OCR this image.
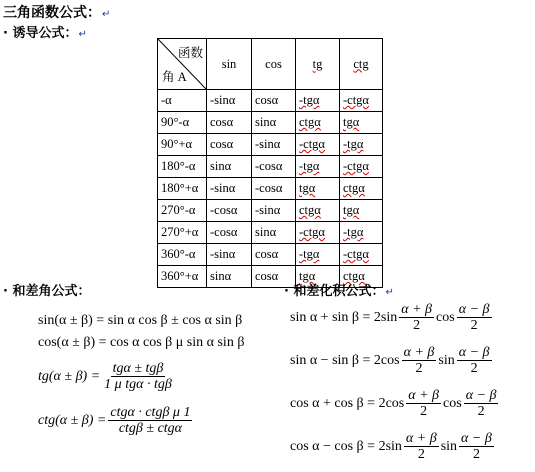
三角函数公式：↵
· 诱导公式：↵
函数
角 A	sin	cos	tg	ctg
-α	-sinα	cosα	-tgα	-ctgα
90°-α	cosα	sinα	ctgα	tgα
90°+α	cosα	-sinα	-ctgα	-tgα
180°-α	sinα	-cosα	-tgα	-ctgα
180°+α	-sinα	-cosα	tgα	ctgα
270°-α	-cosα	-sinα	ctgα	tgα
270°+α	-cosα	sinα	-ctgα	-tgα
360°-α	-sinα	cosα	-tgα	-ctgα
360°+α	sinα	cosα	tgα	ctgα
· 和差角公式：
sin(α ± β) = sin α cos β ± cos α sin β
cos(α ± β) = cos α cos β μ sin α sin β
$tg(\alpha \pm \beta) = \frac{\text{tgα ± tgβ}}{\text{1 μ tgα · tgβ}}$
$ctg(\alpha \pm \beta) = \frac{\text{ctgα · ctgβ μ 1}}{\text{ctgβ ± ctgα}}$
· 和差化积公式：↵
$\sin \alpha + \sin \beta = 2\sin \frac{\alpha + \beta}{2}$ $\cos \frac{\alpha - \beta}{2}$
$\sin \alpha - \sin \beta = 2\cos \frac{\alpha + \beta}{2}$ $\sin \frac{\alpha - \beta}{2}$
$\cos \alpha + \cos \beta = 2\cos \frac{\alpha + \beta}{2}$ $\cos \frac{\alpha - \beta}{2}$
$\cos \alpha - \cos \beta = 2\sin \frac{\alpha + \beta}{2}$ $\sin \frac{\alpha - \beta}{2}$
